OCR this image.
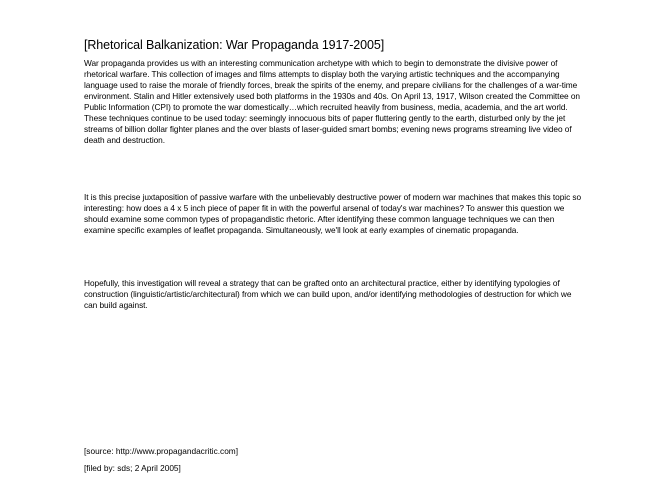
[Rhetorical Balkanization: War Propaganda 1917-2005]
War propaganda provides us with an interesting communication archetype with which to begin to demonstrate the divisive power of rhetorical warfare. This collection of images and films attempts to display both the varying artistic techniques and the accompanying language used to raise the morale of friendly forces, break the spirits of the enemy, and prepare civilians for the challenges of a war-time environment. Stalin and Hitler extensively used both platforms in the 1930s and 40s. On April 13, 1917, Wilson created the Committee on Public Information (CPI) to promote the war domestically…which recruited heavily from business, media, academia, and the art world. These techniques continue to be used today: seemingly innocuous bits of paper fluttering gently to the earth, disturbed only by the jet streams of billion dollar fighter planes and the over blasts of laser-guided smart bombs; evening news programs streaming live video of death and destruction.
It is this precise juxtaposition of passive warfare with the unbelievably destructive power of modern war machines that makes this topic so interesting: how does a 4 x 5 inch piece of paper fit in with the powerful arsenal of today's war machines? To answer this question we should examine some common types of propagandistic rhetoric. After identifying these common language techniques we can then examine specific examples of leaflet propaganda. Simultaneously, we'll look at early examples of cinematic propaganda.
Hopefully, this investigation will reveal a strategy that can be grafted onto an architectural practice, either by identifying typologies of construction (linguistic/artistic/architectural) from which we can build upon, and/or identifying methodologies of destruction for which we can build against.
[source: http://www.propagandacritic.com]
[filed by: sds; 2 April 2005]
